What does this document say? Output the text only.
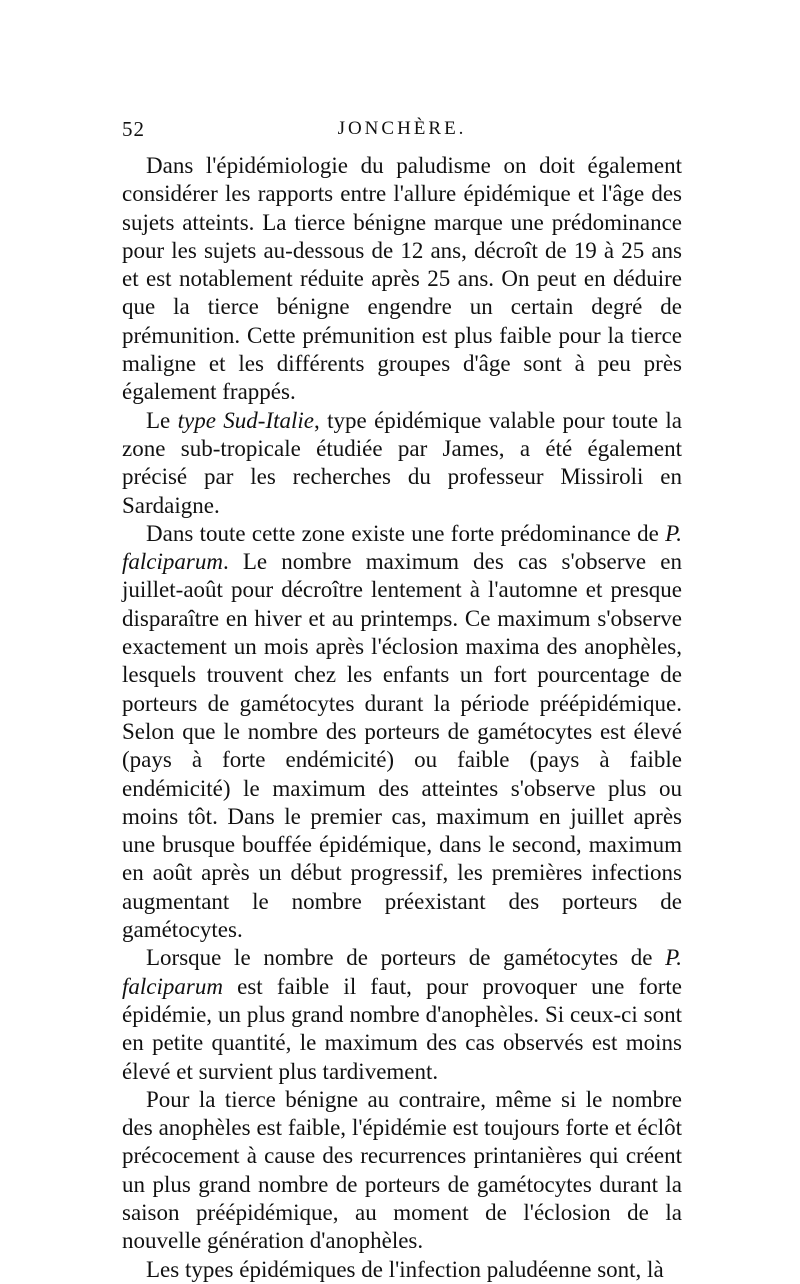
52	JONCHÈRE.

Dans l'épidémiologie du paludisme on doit également considérer les rapports entre l'allure épidémique et l'âge des sujets atteints. La tierce bénigne marque une prédominance pour les sujets au-dessous de 12 ans, décroît de 19 à 25 ans et est notablement réduite après 25 ans. On peut en déduire que la tierce bénigne engendre un certain degré de prémunition. Cette prémunition est plus faible pour la tierce maligne et les différents groupes d'âge sont à peu près également frappés.

Le type Sud-Italie, type épidémique valable pour toute la zone sub-tropicale étudiée par James, a été également précisé par les recherches du professeur Missiroli en Sardaigne.

Dans toute cette zone existe une forte prédominance de P. falciparum. Le nombre maximum des cas s'observe en juillet-août pour décroître lentement à l'automne et presque disparaître en hiver et au printemps. Ce maximum s'observe exactement un mois après l'éclosion maxima des anophèles, lesquels trouvent chez les enfants un fort pourcentage de porteurs de gamétocytes durant la période préépidémique. Selon que le nombre des porteurs de gamétocytes est élevé (pays à forte endémicité) ou faible (pays à faible endémicité) le maximum des atteintes s'observe plus ou moins tôt. Dans le premier cas, maximum en juillet après une brusque bouffée épidémique, dans le second, maximum en août après un début progressif, les premières infections augmentant le nombre préexistant des porteurs de gamétocytes.

Lorsque le nombre de porteurs de gamétocytes de P. falciparum est faible il faut, pour provoquer une forte épidémie, un plus grand nombre d'anophèles. Si ceux-ci sont en petite quantité, le maximum des cas observés est moins élevé et survient plus tardivement.

Pour la tierce bénigne au contraire, même si le nombre des anophèles est faible, l'épidémie est toujours forte et éclôt précocement à cause des recurrences printanières qui créent un plus grand nombre de porteurs de gamétocytes durant la saison préépidémique, au moment de l'éclosion de la nouvelle génération d'anophèles.

Les types épidémiques de l'infection paludéenne sont, là
